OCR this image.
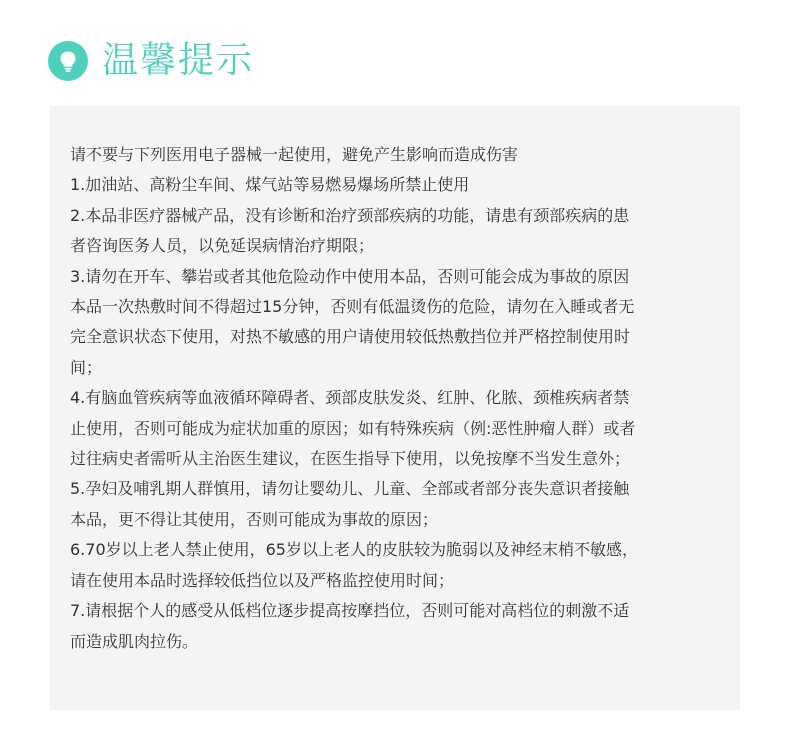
温馨提示
请不要与下列医用电子器械一起使用，避免产生影响而造成伤害
1.加油站、高粉尘车间、煤气站等易燃易爆场所禁止使用
2.本品非医疗器械产品，没有诊断和治疗颈部疾病的功能，请患有颈部疾病的患
者咨询医务人员，以免延误病情治疗期限；
3.请勿在开车、攀岩或者其他危险动作中使用本品，否则可能会成为事故的原因
本品一次热敷时间不得超过15分钟，否则有低温烫伤的危险，请勿在入睡或者无
完全意识状态下使用，对热不敏感的用户请使用较低热敷挡位并严格控制使用时
间；
4.有脑血管疾病等血液循环障碍者、颈部皮肤发炎、红肿、化脓、颈椎疾病者禁
止使用，否则可能成为症状加重的原因；如有特殊疾病（例:恶性肿瘤人群）或者
过往病史者需听从主治医生建议，在医生指导下使用，以免按摩不当发生意外；
5.孕妇及哺乳期人群慎用，请勿让婴幼儿、儿童、全部或者部分丧失意识者接触
本品，更不得让其使用，否则可能成为事故的原因；
6.70岁以上老人禁止使用，65岁以上老人的皮肤较为脆弱以及神经末梢不敏感，
请在使用本品时选择较低挡位以及严格监控使用时间；
7.请根据个人的感受从低档位逐步提高按摩挡位，否则可能对高档位的刺激不适
而造成肌肉拉伤。
